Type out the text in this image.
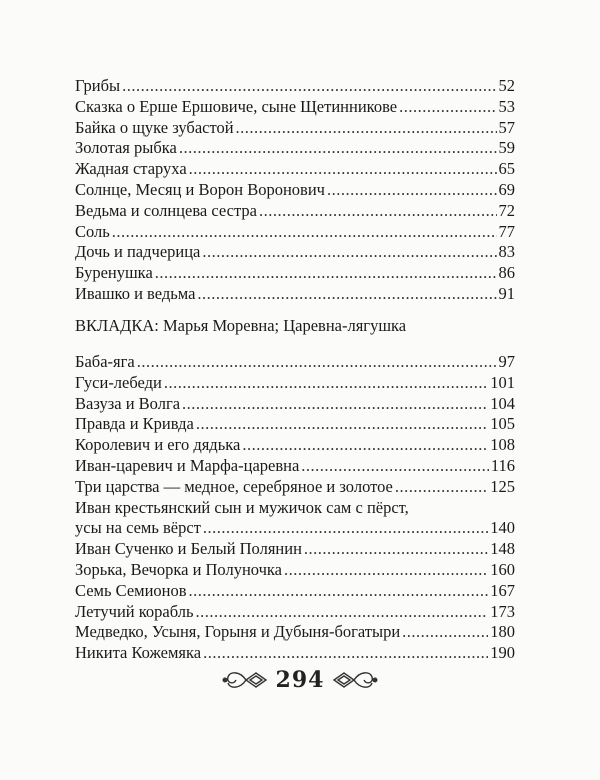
Грибы .....	52
Сказка о Ерше Ершовиче, сыне Щетинникове .....	53
Байка о щуке зубастой .....	57
Золотая рыбка .....	59
Жадная старуха .....	65
Солнце, Месяц и Ворон Воронович .....	69
Ведьма и солнцева сестра .....	72
Соль .....	77
Дочь и падчерица .....	83
Буренушка .....	86
Ивашко и ведьма .....	91
ВКЛАДКА: Марья Моревна; Царевна-лягушка
Баба-яга .....	97
Гуси-лебеди .....	101
Вазуза и Волга .....	104
Правда и Кривда .....	105
Королевич и его дядька .....	108
Иван-царевич и Марфа-царевна .....	116
Три царства — медное, серебряное и золотое .....	125
Иван крестьянский сын и мужичок сам с пёрст,
усы на семь вёрст .....	140
Иван Сученко и Белый Полянин .....	148
Зорька, Вечорка и Полуночка .....	160
Семь Семионов .....	167
Летучий корабль .....	173
Медведко, Усыня, Горыня и Дубыня-богатыри .....	180
Никита Кожемяка .....	190
294
